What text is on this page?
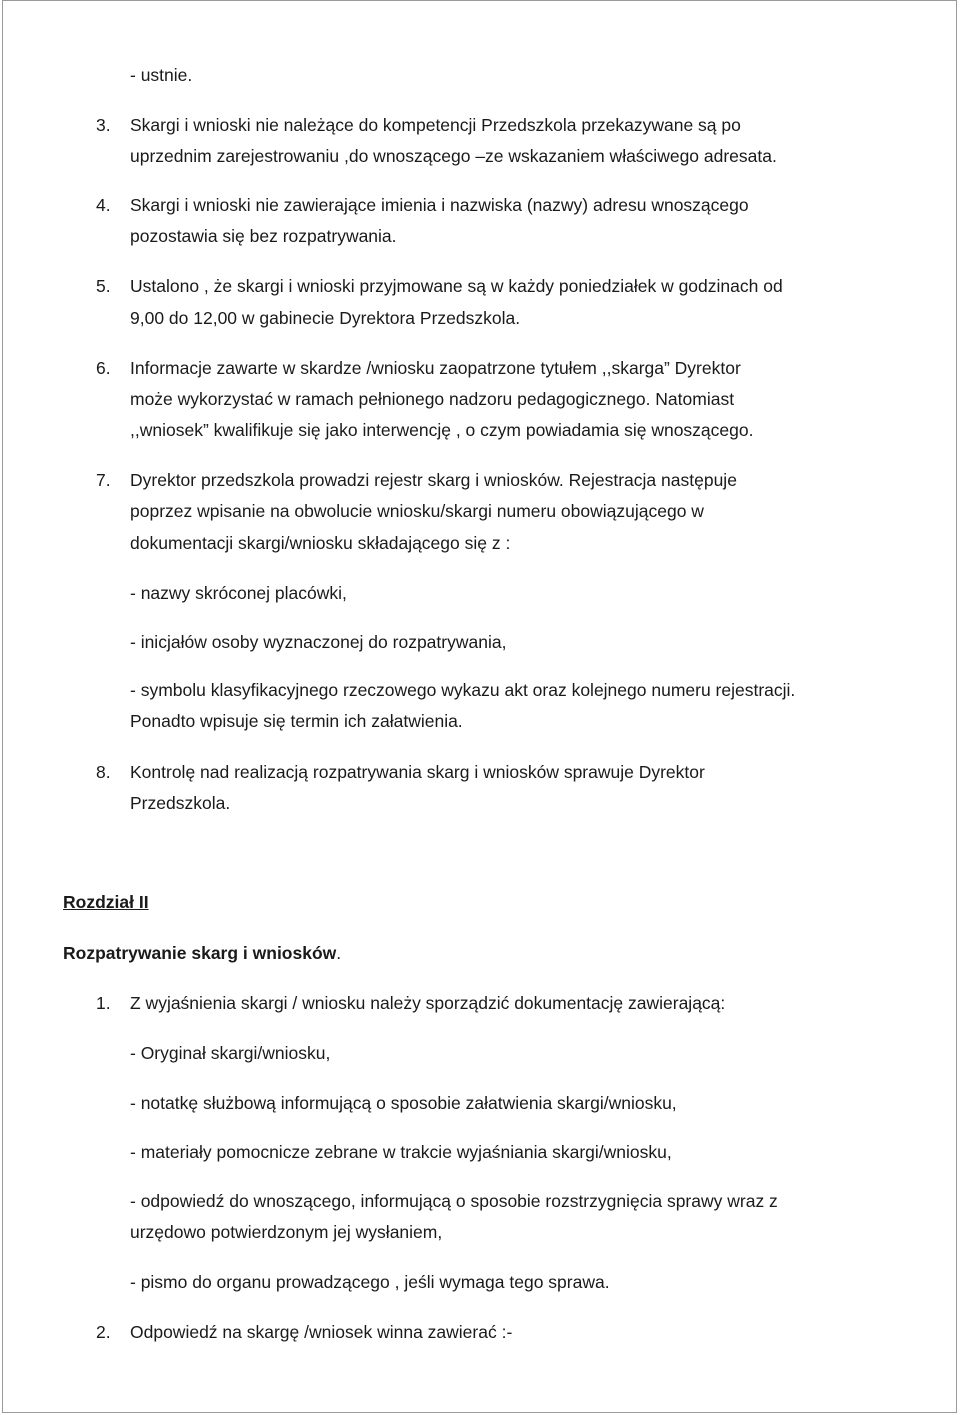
- ustnie.
3.	Skargi i wnioski nie należące do kompetencji Przedszkola przekazywane są po
uprzednim zarejestrowaniu ,do wnoszącego –ze wskazaniem właściwego adresata.
4.	Skargi i wnioski nie zawierające imienia i nazwiska (nazwy) adresu wnoszącego
pozostawia się bez rozpatrywania.
5.	Ustalono , że skargi i wnioski przyjmowane są w każdy poniedziałek w godzinach od
9,00 do 12,00 w gabinecie Dyrektora Przedszkola.
6.	Informacje zawarte w skardze /wniosku zaopatrzone tytułem ,,skarga” Dyrektor
może wykorzystać w ramach pełnionego nadzoru pedagogicznego. Natomiast
,,wniosek” kwalifikuje się jako interwencję , o czym powiadamia się wnoszącego.
7.	Dyrektor przedszkola prowadzi rejestr skarg i wniosków. Rejestracja następuje
poprzez wpisanie na obwolucie wniosku/skargi numeru obowiązującego w
dokumentacji skargi/wniosku składającego się z :
- nazwy skróconej placówki,
- inicjałów osoby wyznaczonej do rozpatrywania,
- symbolu klasyfikacyjnego rzeczowego wykazu akt oraz kolejnego numeru rejestracji.
Ponadto wpisuje się termin ich załatwienia.
8.	Kontrolę nad realizacją rozpatrywania skarg i wniosków sprawuje Dyrektor
Przedszkola.
Rozdział II
Rozpatrywanie skarg i wniosków.
1.	Z wyjaśnienia skargi / wniosku należy sporządzić dokumentację zawierającą:
- Oryginał skargi/wniosku,
- notatkę służbową informującą o sposobie załatwienia skargi/wniosku,
- materiały pomocnicze zebrane w trakcie wyjaśniania skargi/wniosku,
- odpowiedź do wnoszącego, informującą o sposobie rozstrzygnięcia sprawy wraz z
urzędowo potwierdzonym jej wysłaniem,
- pismo do organu prowadzącego , jeśli wymaga tego sprawa.
2.	Odpowiedź na skargę /wniosek winna zawierać :-
